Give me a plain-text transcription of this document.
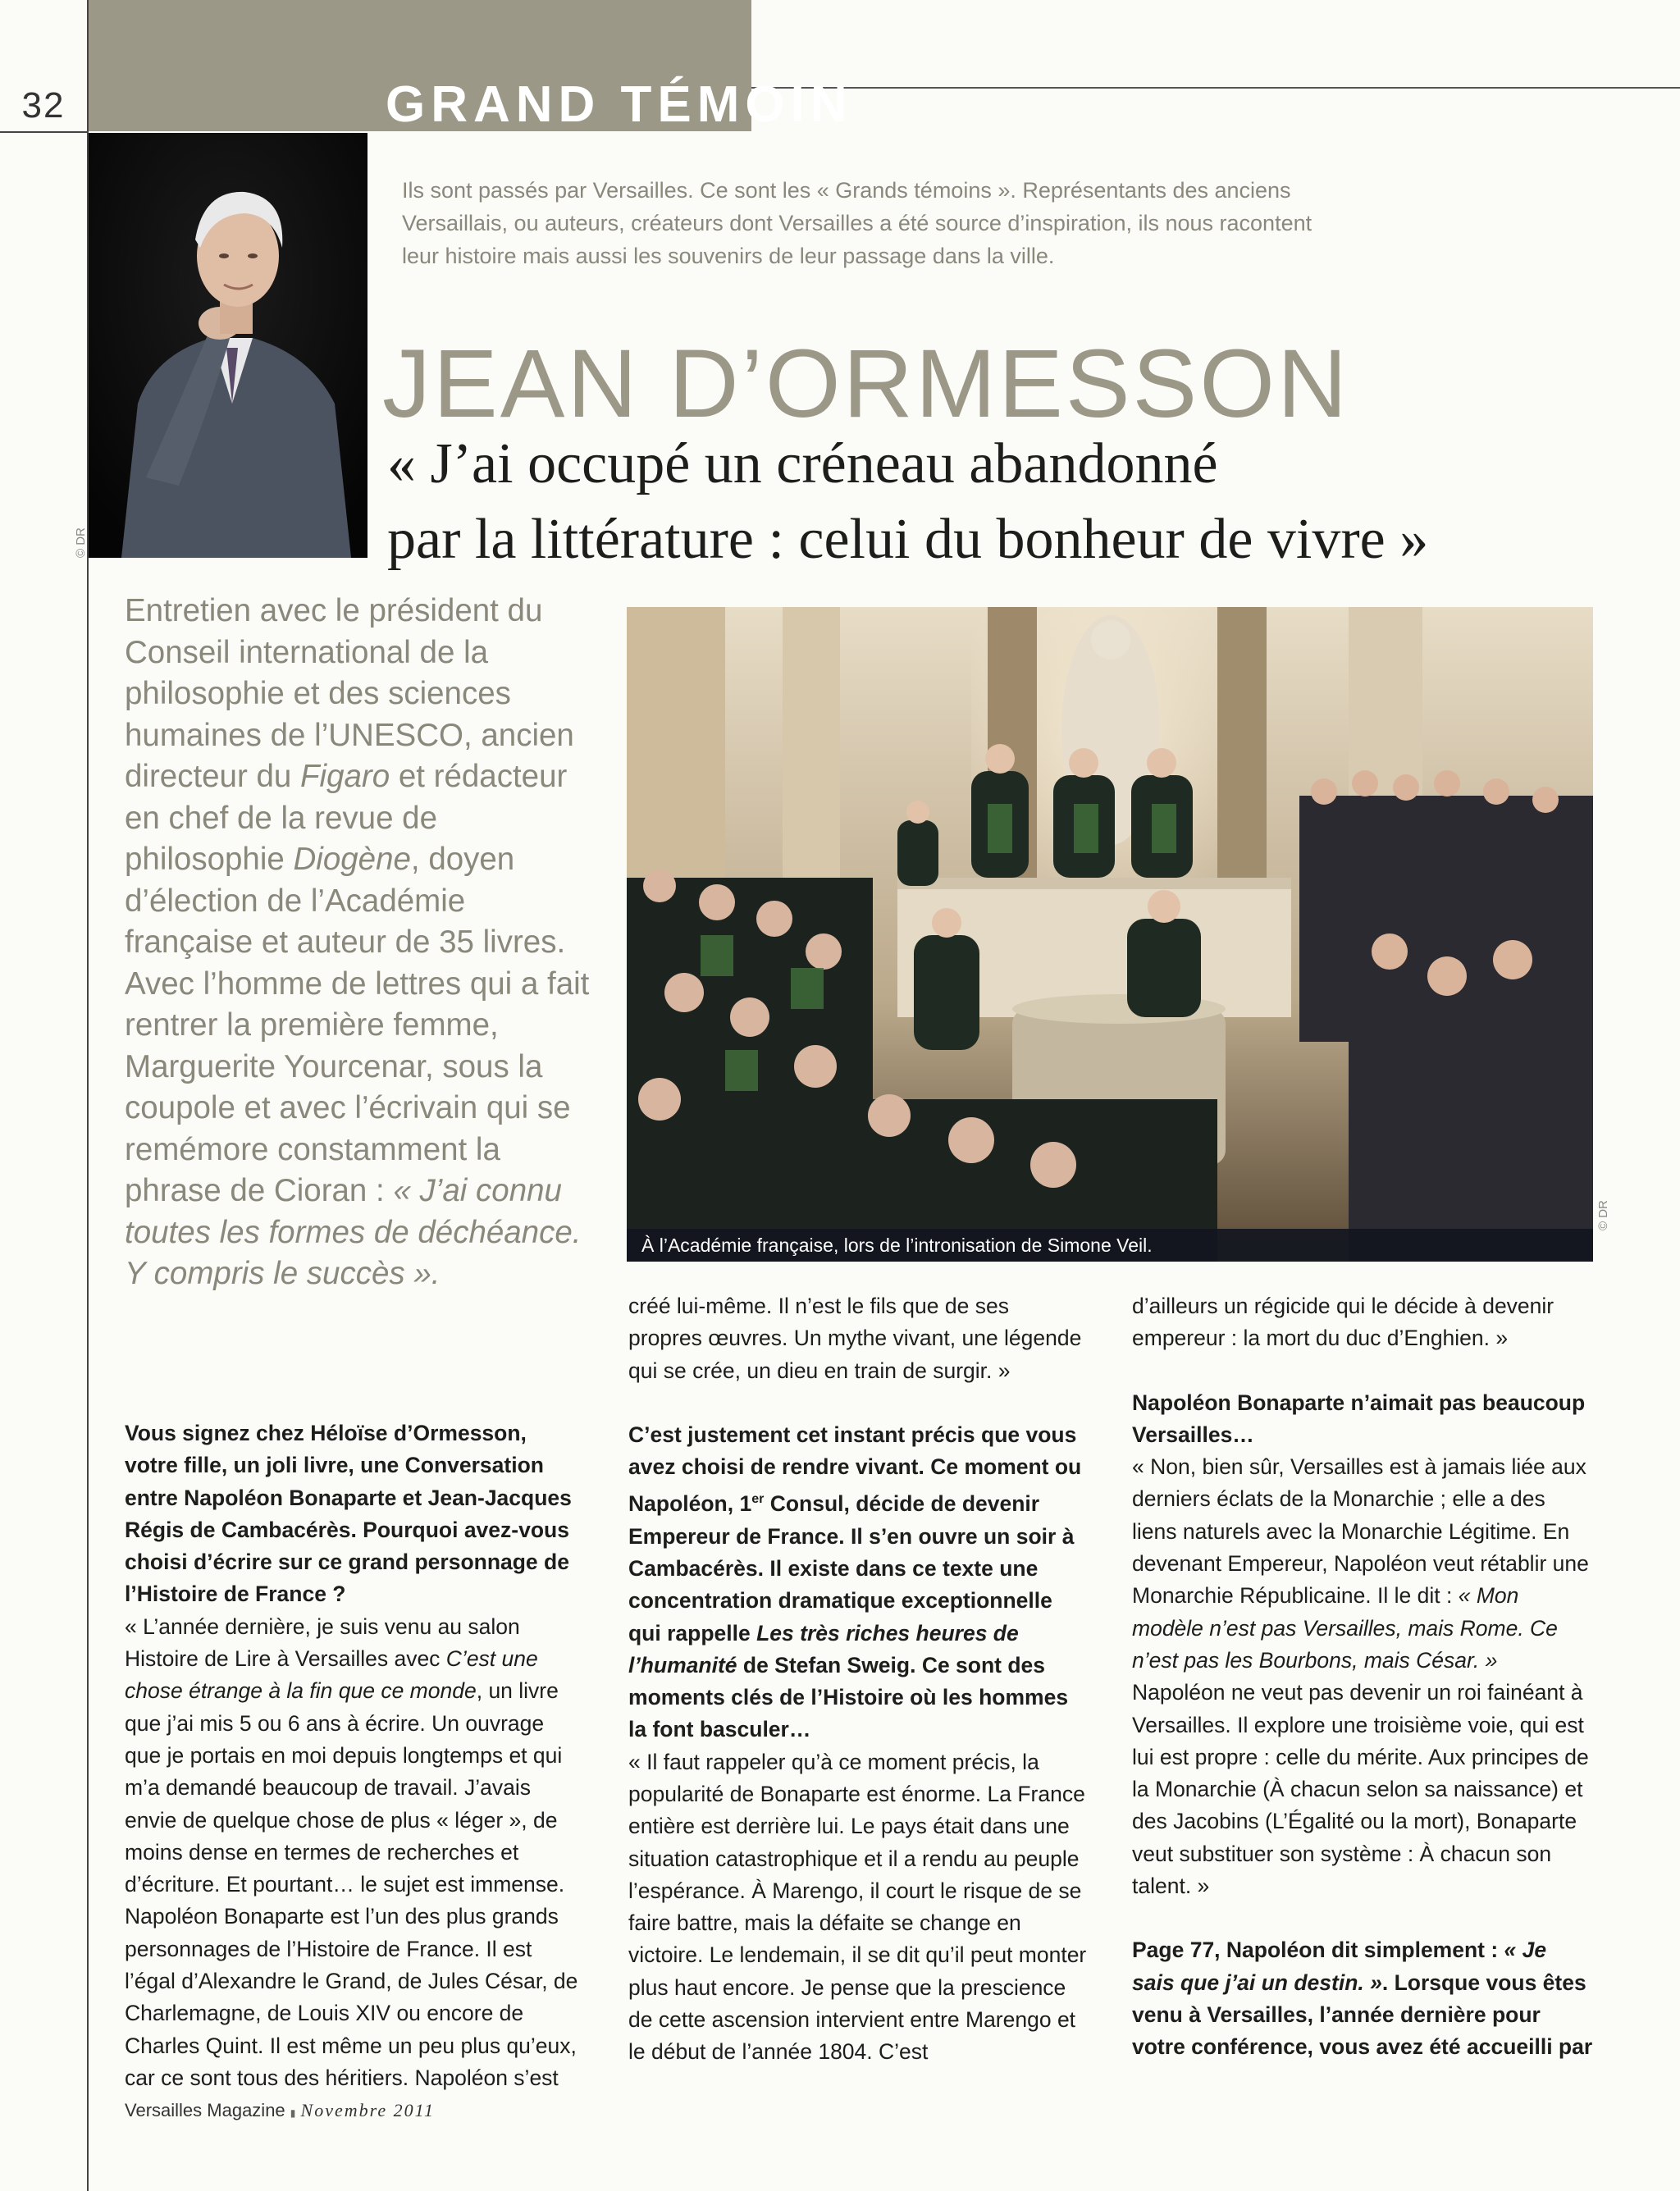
32	GRAND TÉMOIN
© DR
Ils sont passés par Versailles. Ce sont les « Grands témoins ». Représentants des anciens Versaillais, ou auteurs, créateurs dont Versailles a été source d’inspiration, ils nous racontent leur histoire mais aussi les souvenirs de leur passage dans la ville.
JEAN D’ORMESSON
« J’ai occupé un créneau abandonné
par la littérature : celui du bonheur de vivre »
Entretien avec le président du Conseil international de la philosophie et des sciences humaines de l’UNESCO, ancien directeur du Figaro et rédacteur en chef de la revue de philosophie Diogène, doyen d’élection de l’Académie française et auteur de 35 livres. Avec l’homme de lettres qui a fait rentrer la première femme, Marguerite Yourcenar, sous la coupole et avec l’écrivain qui se remémore constamment la phrase de Cioran : « J’ai connu toutes les formes de déchéance. Y compris le succès ».
À l’Académie française, lors de l’intronisation de Simone Veil.
© DR

Vous signez chez Héloïse d’Ormesson, votre fille, un joli livre, une Conversation entre Napoléon Bonaparte et Jean-Jacques Régis de Cambacérès. Pourquoi avez-vous choisi d’écrire sur ce grand personnage de l’Histoire de France ?

« L’année dernière, je suis venu au salon Histoire de Lire à Versailles avec C’est une chose étrange à la fin que ce monde, un livre que j’ai mis 5 ou 6 ans à écrire. Un ouvrage que je portais en moi depuis longtemps et qui m’a demandé beaucoup de travail. J’avais envie de quelque chose de plus « léger », de moins dense en termes de recherches et d’écriture. Et pourtant… le sujet est immense. Napoléon Bonaparte est l’un des plus grands personnages de l’Histoire de France. Il est l’égal d’Alexandre le Grand, de Jules César, de Charlemagne, de Louis XIV ou encore de Charles Quint. Il est même un peu plus qu’eux, car ce sont tous des héritiers. Napoléon s’est

créé lui-même. Il n’est le fils que de ses propres œuvres. Un mythe vivant, une légende qui se crée, un dieu en train de surgir. »

C’est justement cet instant précis que vous avez choisi de rendre vivant. Ce moment ou Napoléon, 1er Consul, décide de devenir Empereur de France. Il s’en ouvre un soir à Cambacérès. Il existe dans ce texte une concentration dramatique exceptionnelle qui rappelle Les très riches heures de l’humanité de Stefan Sweig. Ce sont des moments clés de l’Histoire où les hommes la font basculer…

« Il faut rappeler qu’à ce moment précis, la popularité de Bonaparte est énorme. La France entière est derrière lui. Le pays était dans une situation catastrophique et il a rendu au peuple l’espérance. À Marengo, il court le risque de se faire battre, mais la défaite se change en victoire. Le lendemain, il se dit qu’il peut monter plus haut encore. Je pense que la prescience de cette ascension intervient entre Marengo et le début de l’année 1804. C’est

d’ailleurs un régicide qui le décide à devenir empereur : la mort du duc d’Enghien. »

Napoléon Bonaparte n’aimait pas beaucoup Versailles…

« Non, bien sûr, Versailles est à jamais liée aux derniers éclats de la Monarchie ; elle a des liens naturels avec la Monarchie Légitime. En devenant Empereur, Napoléon veut rétablir une Monarchie Républicaine. Il le dit : « Mon modèle n’est pas Versailles, mais Rome. Ce n’est pas les Bourbons, mais César. » Napoléon ne veut pas devenir un roi fainéant à Versailles. Il explore une troisième voie, qui est lui est propre : celle du mérite. Aux principes de la Monarchie (À chacun selon sa naissance) et des Jacobins (L’Égalité ou la mort), Bonaparte veut substituer son système : À chacun son talent. »

Page 77, Napoléon dit simplement : « Je sais que j’ai un destin. ». Lorsque vous êtes venu à Versailles, l’année dernière pour votre conférence, vous avez été accueilli par

Versailles Magazine ▮ Novembre 2011
